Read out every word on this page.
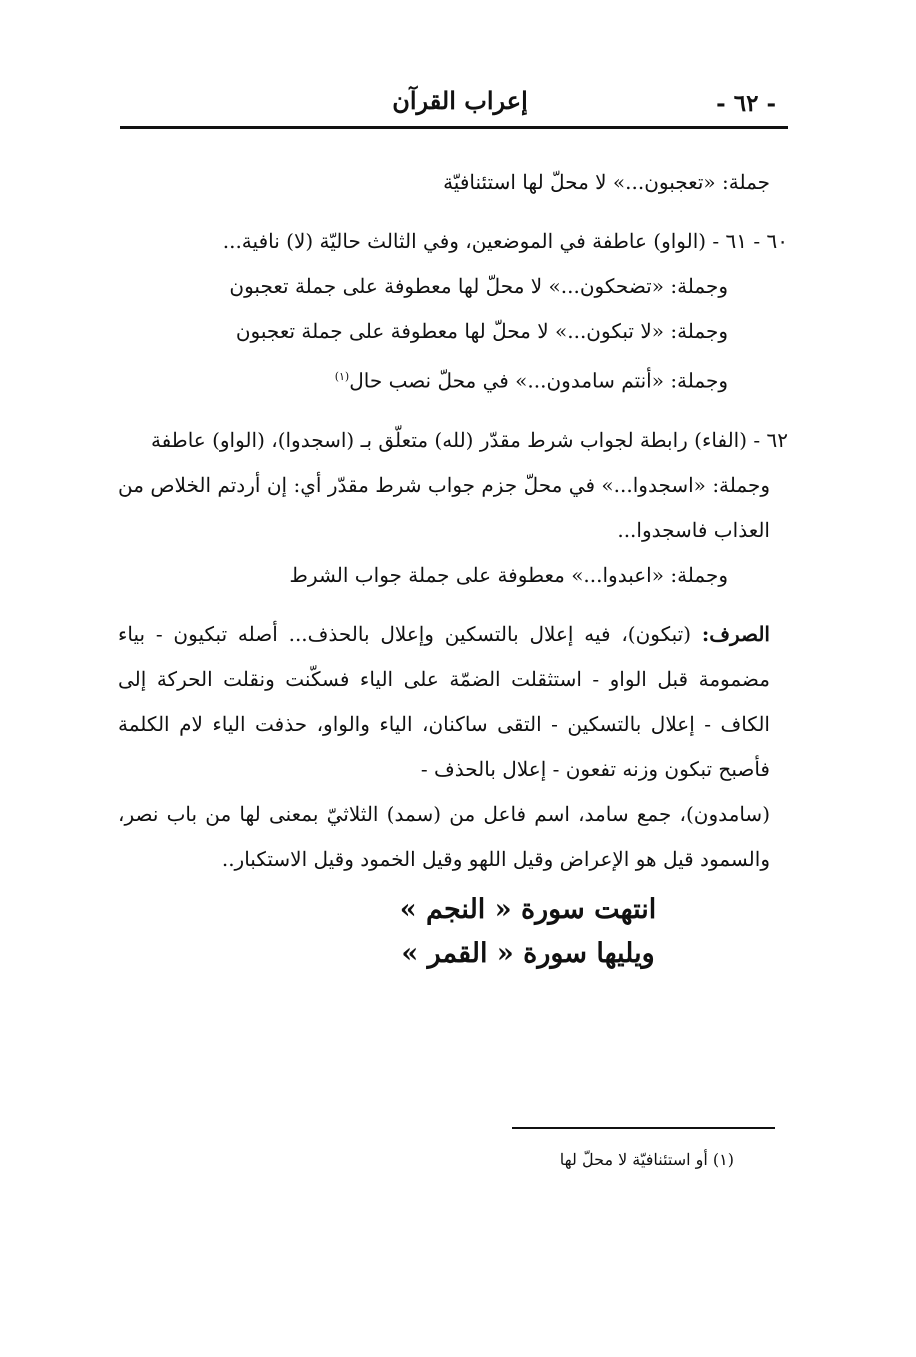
- ٦٢ -
إعراب القرآن

جملة: «تعجبون...» لا محلّ لها استئنافيّة

٦٠ - ٦١ - (الواو) عاطفة في الموضعين، وفي الثالث حاليّة (لا) نافية...

وجملة: «تضحكون...» لا محلّ لها معطوفة على جملة تعجبون

وجملة: «لا تبكون...» لا محلّ لها معطوفة على جملة تعجبون

وجملة: «أنتم سامدون...» في محلّ نصب حال$^{(١)}$

٦٢ - (الفاء) رابطة لجواب شرط مقدّر (لله) متعلّق بـ (اسجدوا)، (الواو) عاطفة

وجملة: «اسجدوا...» في محلّ جزم جواب شرط مقدّر أي: إن أردتم الخلاص من العذاب فاسجدوا...

وجملة: «اعبدوا...» معطوفة على جملة جواب الشرط

الصرف: (تبكون)، فيه إعلال بالتسكين وإعلال بالحذف... أصله تبكيون - بياء مضمومة قبل الواو - استثقلت الضمّة على الياء فسكّنت ونقلت الحركة إلى الكاف - إعلال بالتسكين - التقى ساكنان، الياء والواو، حذفت الياء لام الكلمة فأصبح تبكون وزنه تفعون - إعلال بالحذف -

(سامدون)، جمع سامد، اسم فاعل من (سمد) الثلاثيّ بمعنى لها من باب نصر، والسمود قيل هو الإعراض وقيل اللهو وقيل الخمود وقيل الاستكبار..

انتهت سورة « النجم »
ويليها سورة « القمر »
(١) أو استئنافيّة لا محلّ لها
